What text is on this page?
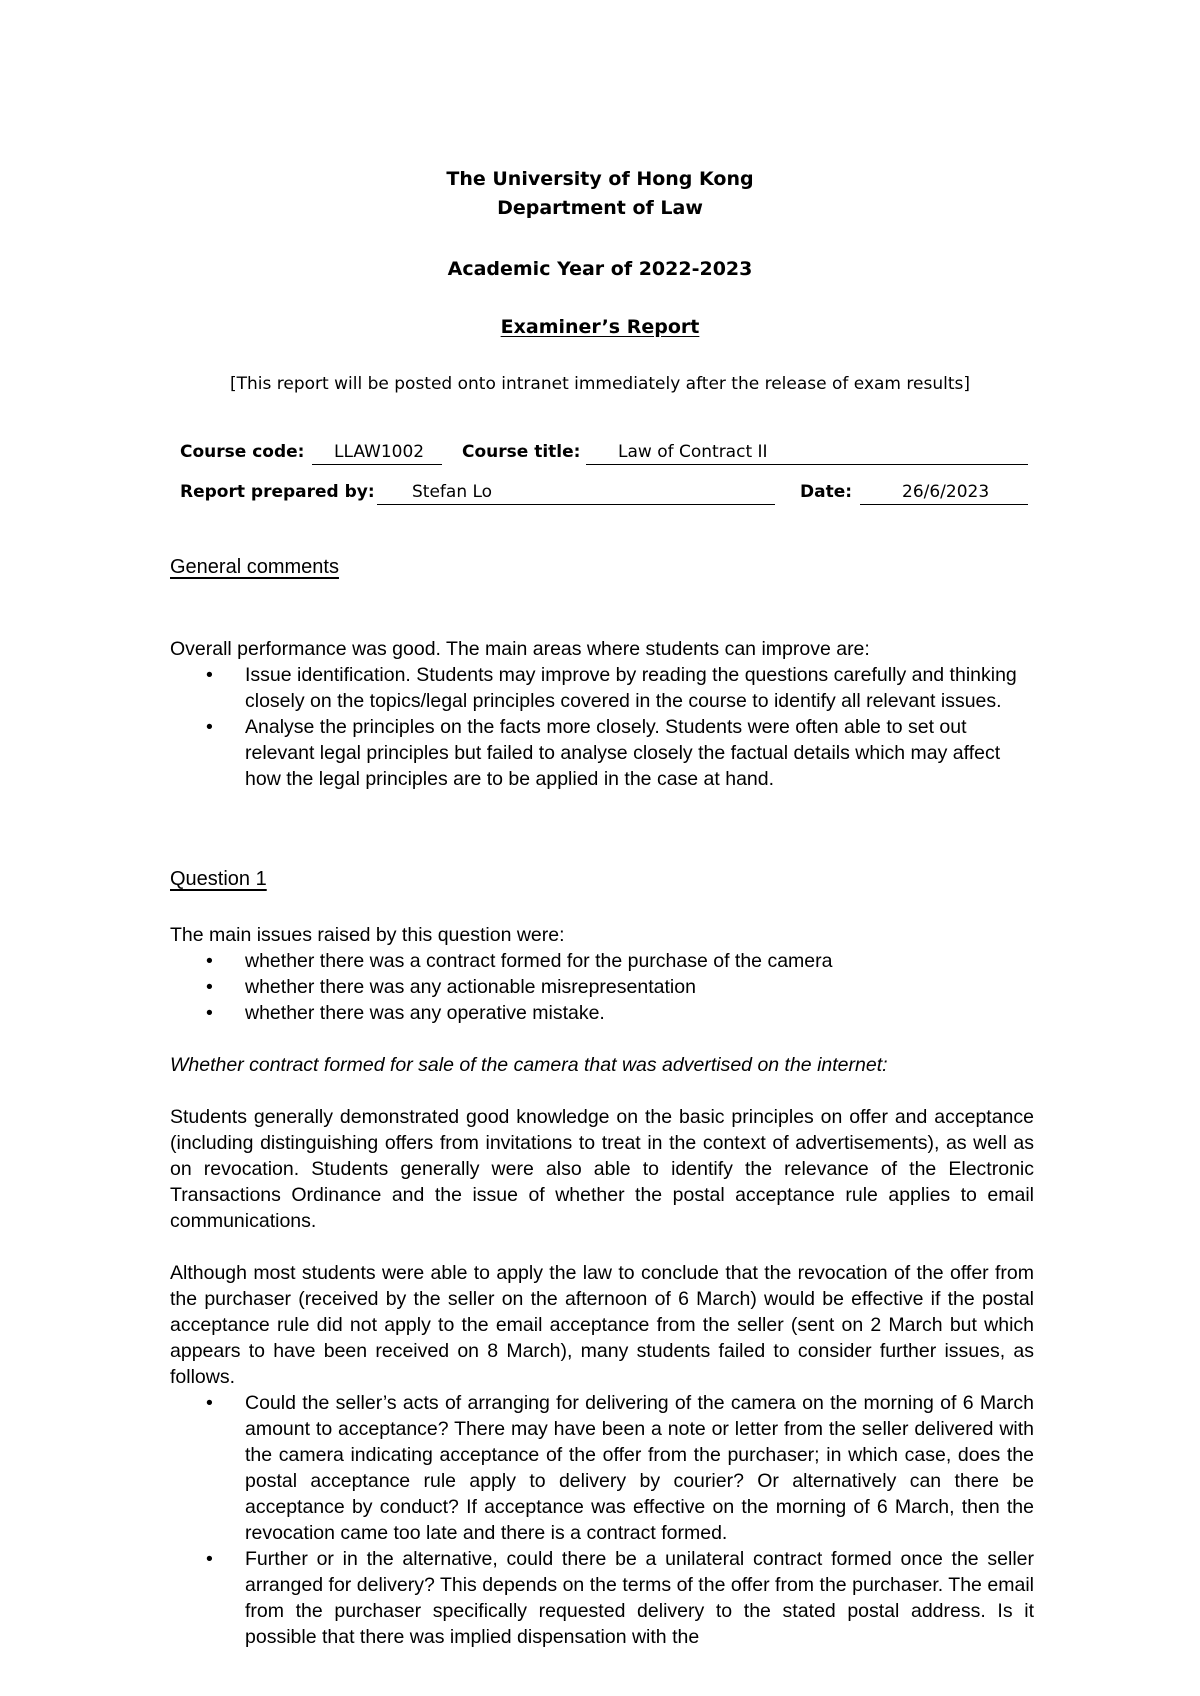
The University of Hong Kong
Department of Law
Academic Year of 2022-2023
Examiner’s Report
[This report will be posted onto intranet immediately after the release of exam results]
Course code: LLAW1002 Course title: Law of Contract II
Report prepared by: Stefan Lo	Date:	26/6/2023
General comments
Overall performance was good. The main areas where students can improve are:
• Issue identification. Students may improve by reading the questions carefully and thinking closely on the topics/legal principles covered in the course to identify all relevant issues.
• Analyse the principles on the facts more closely. Students were often able to set out relevant legal principles but failed to analyse closely the factual details which may affect how the legal principles are to be applied in the case at hand.
Question 1
The main issues raised by this question were:
• whether there was a contract formed for the purchase of the camera
• whether there was any actionable misrepresentation
• whether there was any operative mistake.
Whether contract formed for sale of the camera that was advertised on the internet:
Students generally demonstrated good knowledge on the basic principles on offer and acceptance (including distinguishing offers from invitations to treat in the context of advertisements), as well as on revocation. Students generally were also able to identify the relevance of the Electronic Transactions Ordinance and the issue of whether the postal acceptance rule applies to email communications.
Although most students were able to apply the law to conclude that the revocation of the offer from the purchaser (received by the seller on the afternoon of 6 March) would be effective if the postal acceptance rule did not apply to the email acceptance from the seller (sent on 2 March but which appears to have been received on 8 March), many students failed to consider further issues, as follows.
• Could the seller’s acts of arranging for delivering of the camera on the morning of 6 March amount to acceptance? There may have been a note or letter from the seller delivered with the camera indicating acceptance of the offer from the purchaser; in which case, does the postal acceptance rule apply to delivery by courier? Or alternatively can there be acceptance by conduct? If acceptance was effective on the morning of 6 March, then the revocation came too late and there is a contract formed.
• Further or in the alternative, could there be a unilateral contract formed once the seller arranged for delivery? This depends on the terms of the offer from the purchaser. The email from the purchaser specifically requested delivery to the stated postal address. Is it possible that there was implied dispensation with the
